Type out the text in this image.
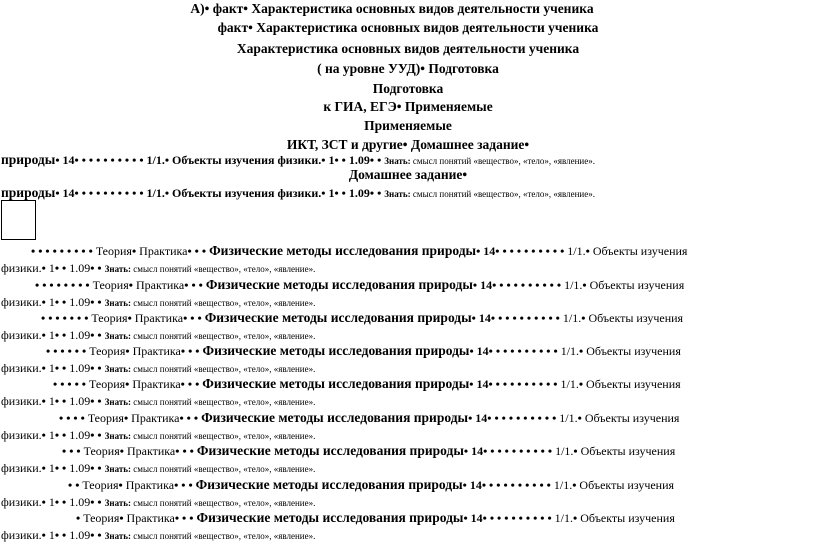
А)• факт• Характеристика основных видов деятельности ученика
факт• Характеристика основных видов деятельности ученика
Характеристика основных видов деятельности ученика
( на уровне УУД)• Подготовка
Подготовка
к ГИА, ЕГЭ• Применяемые
Применяемые
ИКТ, ЗСТ и другие• Домашнее задание•
природы• 14• • • • • • • • • • 1/1.• Объекты изучения физики.• 1• • 1.09• • Знать: смысл понятий «вещество», «тело», «явление».
Домашнее задание•
природы• 14• • • • • • • • • • 1/1.• Объекты изучения физики.• 1• • 1.09• • Знать: смысл понятий «вещество», «тело», «явление».
• • • • • • • • • Теория• Практика• • • Физические методы исследования природы• 14• • • • • • • • • • 1/1.• Объекты изучения
физики.• 1• • 1.09• • Знать: смысл понятий «вещество», «тело», «явление».
• • • • • • • • Теория• Практика• • • Физические методы исследования природы• 14• • • • • • • • • • 1/1.• Объекты изучения
физики.• 1• • 1.09• • Знать: смысл понятий «вещество», «тело», «явление».
• • • • • • • Теория• Практика• • • Физические методы исследования природы• 14• • • • • • • • • • 1/1.• Объекты изучения
физики.• 1• • 1.09• • Знать: смысл понятий «вещество», «тело», «явление».
• • • • • • Теория• Практика• • • Физические методы исследования природы• 14• • • • • • • • • • 1/1.• Объекты изучения
физики.• 1• • 1.09• • Знать: смысл понятий «вещество», «тело», «явление».
• • • • • Теория• Практика• • • Физические методы исследования природы• 14• • • • • • • • • • 1/1.• Объекты изучения
физики.• 1• • 1.09• • Знать: смысл понятий «вещество», «тело», «явление».
• • • • Теория• Практика• • • Физические методы исследования природы• 14• • • • • • • • • • 1/1.• Объекты изучения
физики.• 1• • 1.09• • Знать: смысл понятий «вещество», «тело», «явление».
• • • Теория• Практика• • • Физические методы исследования природы• 14• • • • • • • • • • 1/1.• Объекты изучения
физики.• 1• • 1.09• • Знать: смысл понятий «вещество», «тело», «явление».
• • Теория• Практика• • • Физические методы исследования природы• 14• • • • • • • • • • 1/1.• Объекты изучения
физики.• 1• • 1.09• • Знать: смысл понятий «вещество», «тело», «явление».
• Теория• Практика• • • Физические методы исследования природы• 14• • • • • • • • • • 1/1.• Объекты изучения
физики.• 1• • 1.09• • Знать: смысл понятий «вещество», «тело», «явление».
